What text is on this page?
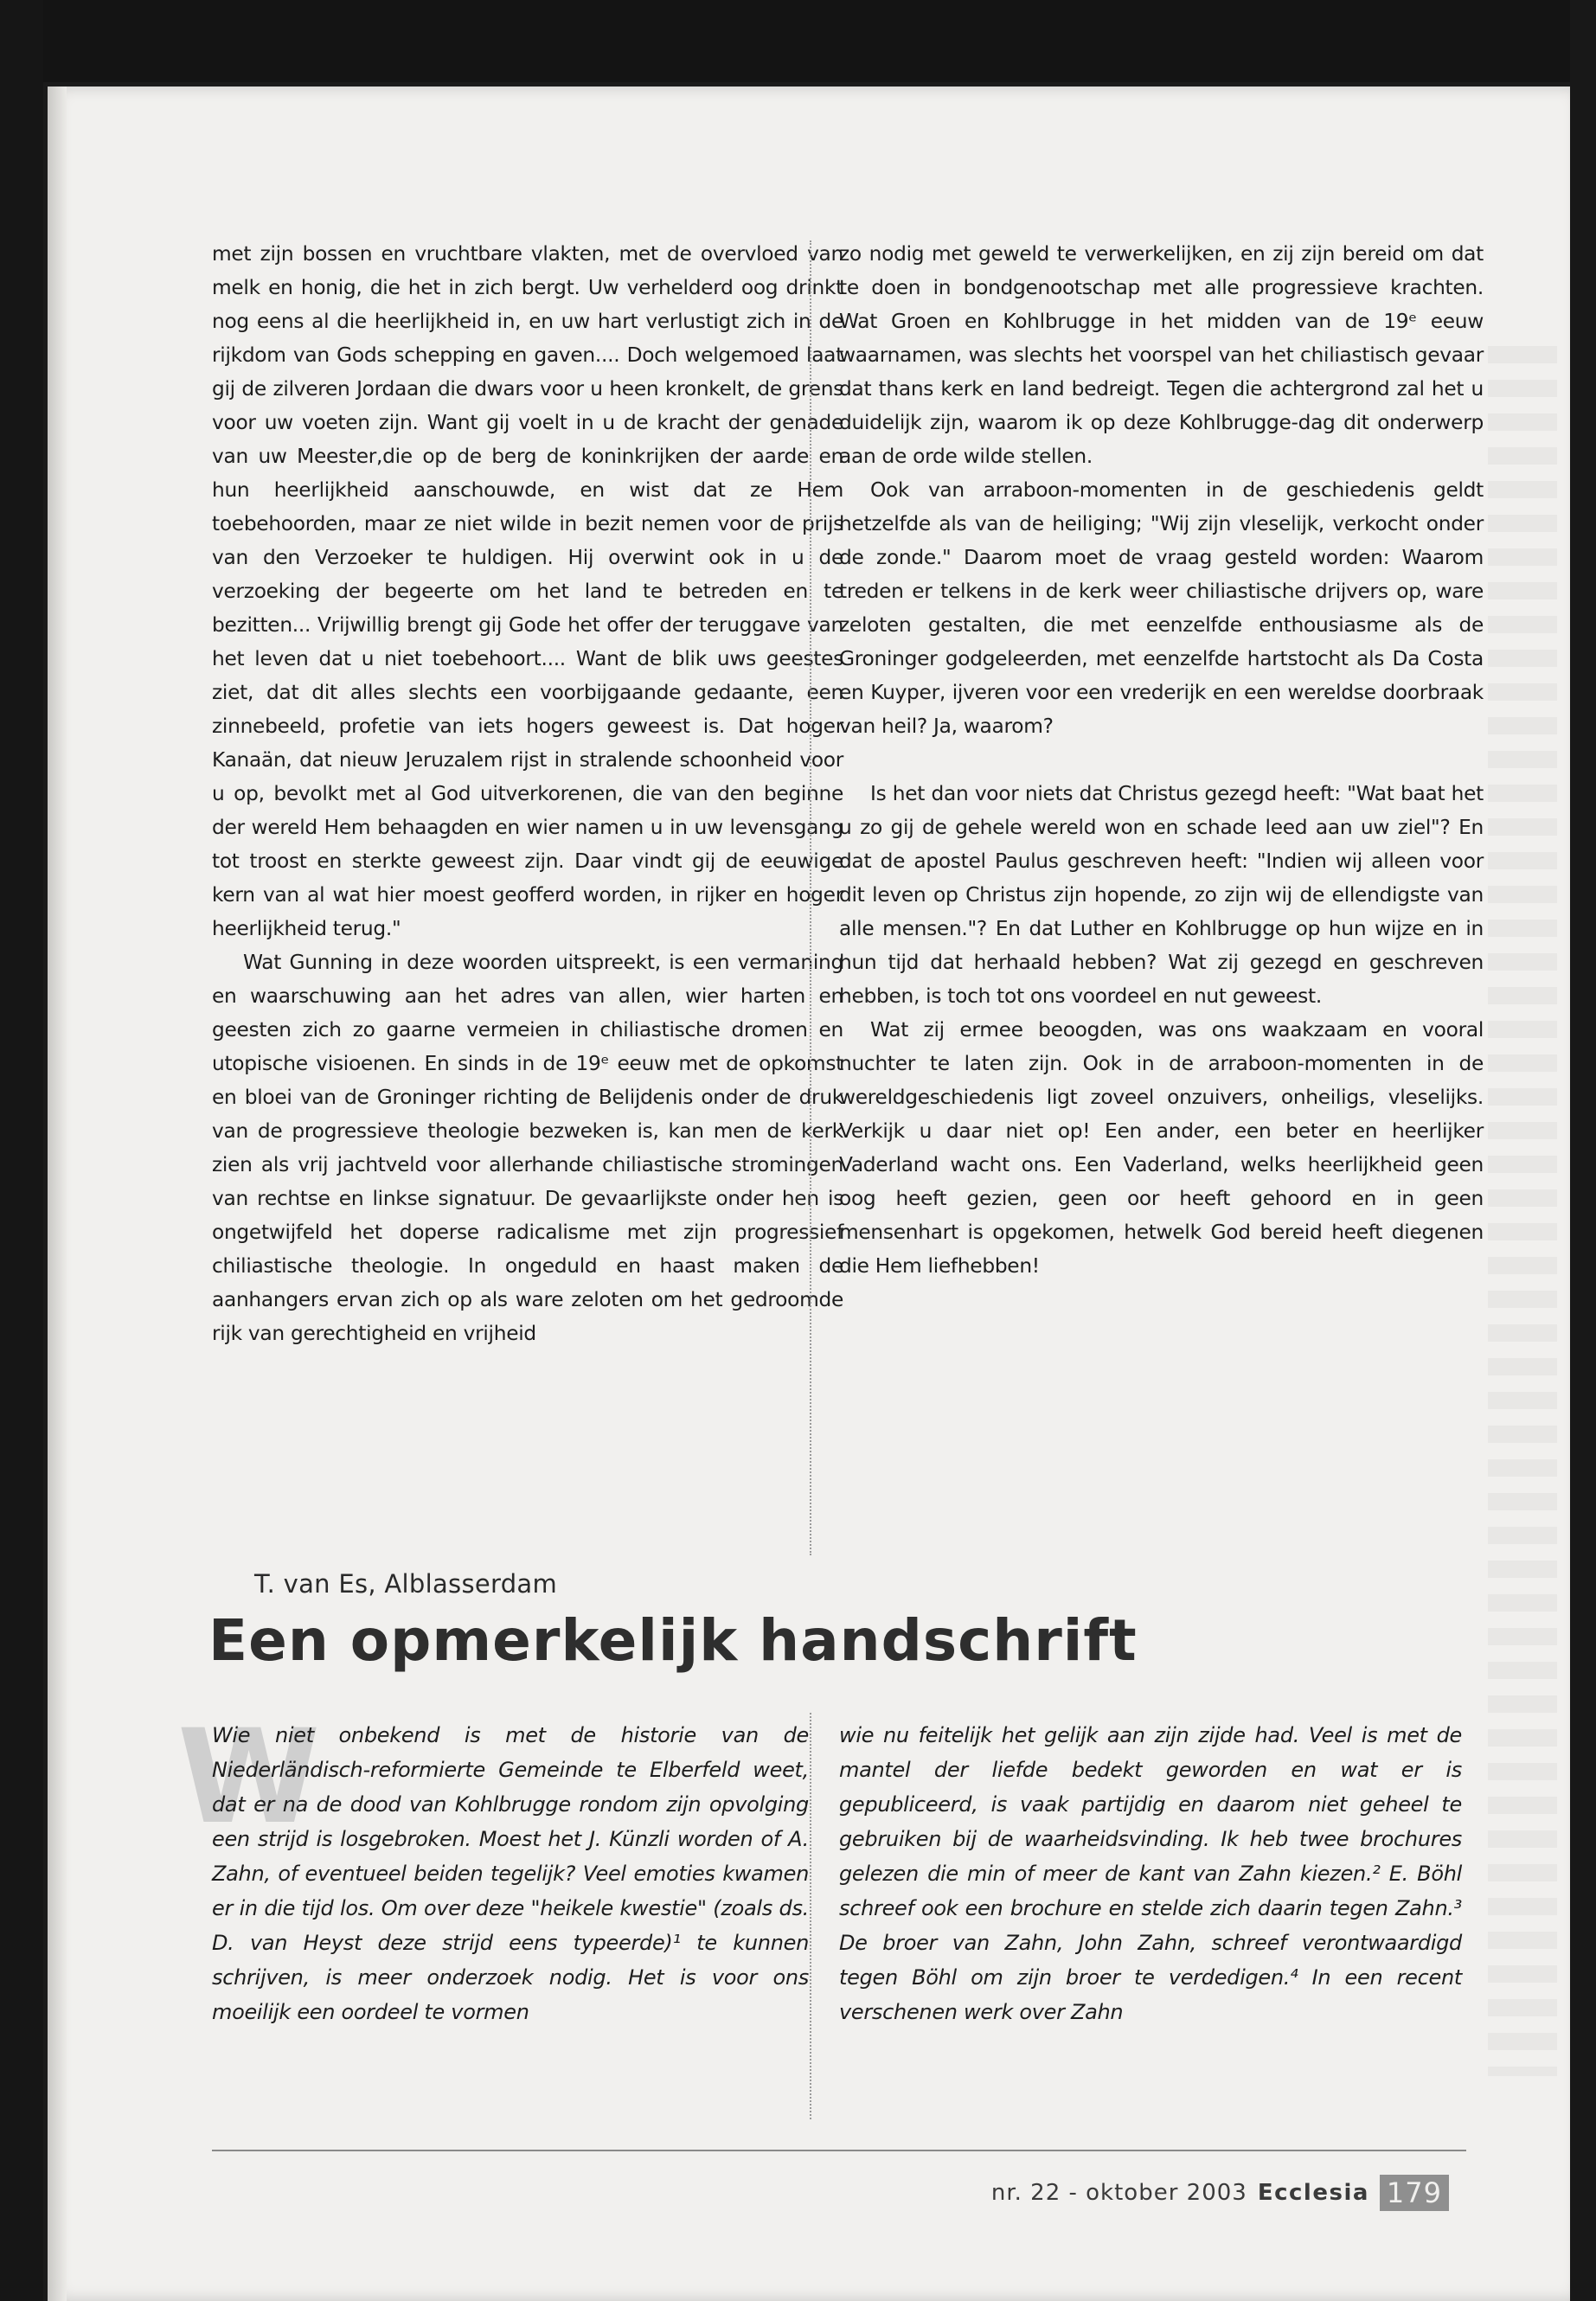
met zijn bossen en vruchtbare vlakten, met de overvloed van melk en honig, die het in zich bergt. Uw verhelderd oog drinkt nog eens al die heerlijkheid in, en uw hart verlustigt zich in de rijkdom van Gods schepping en gaven.... Doch welgemoed laat gij de zilveren Jordaan die dwars voor u heen kronkelt, de grens voor uw voeten zijn. Want gij voelt in u de kracht der genade van uw Meester,die op de berg de koninkrijken der aarde en hun heerlijkheid aanschouwde, en wist dat ze Hem toebehoorden, maar ze niet wilde in bezit nemen voor de prijs van den Verzoeker te huldigen. Hij overwint ook in u de verzoeking der begeerte om het land te betreden en te bezitten... Vrijwillig brengt gij Gode het offer der teruggave van het leven dat u niet toebehoort.... Want de blik uws geestes ziet, dat dit alles slechts een voorbijgaande gedaante, een zinnebeeld, profetie van iets hogers geweest is. Dat hoger Kanaän, dat nieuw Jeruzalem rijst in stralende schoonheid voor u op, bevolkt met al God uitverkorenen, die van den beginne der wereld Hem behaagden en wier namen u in uw levensgang tot troost en sterkte geweest zijn. Daar vindt gij de eeuwige kern van al wat hier moest geofferd worden, in rijker en hoger heerlijkheid terug."

Wat Gunning in deze woorden uitspreekt, is een vermaning en waarschuwing aan het adres van allen, wier harten en geesten zich zo gaarne vermeien in chiliastische dromen en utopische visioenen. En sinds in de 19ᵉ eeuw met de opkomst en bloei van de Groninger richting de Belijdenis onder de druk van de progressieve theologie bezweken is, kan men de kerk zien als vrij jachtveld voor allerhande chiliastische stromingen van rechtse en linkse signatuur. De gevaarlijkste onder hen is ongetwijfeld het doperse radicalisme met zijn progressief chiliastische theologie. In ongeduld en haast maken de aanhangers ervan zich op als ware zeloten om het gedroomde rijk van gerechtigheid en vrijheid

zo nodig met geweld te verwerkelijken, en zij zijn bereid om dat te doen in bondgenootschap met alle progressieve krachten. Wat Groen en Kohlbrugge in het midden van de 19ᵉ eeuw waarnamen, was slechts het voorspel van het chiliastisch gevaar dat thans kerk en land bedreigt. Tegen die achtergrond zal het u duidelijk zijn, waarom ik op deze Kohlbrugge-dag dit onderwerp aan de orde wilde stellen.

Ook van arraboon-momenten in de geschiedenis geldt hetzelfde als van de heiliging; "Wij zijn vleselijk, verkocht onder de zonde." Daarom moet de vraag gesteld worden: Waarom treden er telkens in de kerk weer chiliastische drijvers op, ware zeloten gestalten, die met eenzelfde enthousiasme als de Groninger godgeleerden, met eenzelfde hartstocht als Da Costa en Kuyper, ijveren voor een vrederijk en een wereldse doorbraak van heil? Ja, waarom?

Is het dan voor niets dat Christus gezegd heeft: "Wat baat het u zo gij de gehele wereld won en schade leed aan uw ziel"? En dat de apostel Paulus geschreven heeft: "Indien wij alleen voor dit leven op Christus zijn hopende, zo zijn wij de ellendigste van alle mensen."? En dat Luther en Kohlbrugge op hun wijze en in hun tijd dat herhaald hebben? Wat zij gezegd en geschreven hebben, is toch tot ons voordeel en nut geweest.

Wat zij ermee beoogden, was ons waakzaam en vooral nuchter te laten zijn. Ook in de arraboon-momenten in de wereldgeschiedenis ligt zoveel onzuivers, onheiligs, vleselijks. Verkijk u daar niet op! Een ander, een beter en heerlijker Vaderland wacht ons. Een Vaderland, welks heerlijkheid geen oog heeft gezien, geen oor heeft gehoord en in geen mensenhart is opgekomen, hetwelk God bereid heeft diegenen die Hem liefhebben!

T. van Es, Alblasserdam
Een opmerkelijk handschrift
W

Wie niet onbekend is met de historie van de Niederländisch-reformierte Gemeinde te Elberfeld weet, dat er na de dood van Kohlbrugge rondom zijn opvolging een strijd is losgebroken. Moest het J. Künzli worden of A. Zahn, of eventueel beiden tegelijk? Veel emoties kwamen er in die tijd los. Om over deze "heikele kwestie" (zoals ds. D. van Heyst deze strijd eens typeerde)¹ te kunnen schrijven, is meer onderzoek nodig. Het is voor ons moeilijk een oordeel te vormen

wie nu feitelijk het gelijk aan zijn zijde had. Veel is met de mantel der liefde bedekt geworden en wat er is gepubliceerd, is vaak partijdig en daarom niet geheel te gebruiken bij de waarheidsvinding. Ik heb twee brochures gelezen die min of meer de kant van Zahn kiezen.² E. Böhl schreef ook een brochure en stelde zich daarin tegen Zahn.³ De broer van Zahn, John Zahn, schreef verontwaardigd tegen Böhl om zijn broer te verdedigen.⁴ In een recent verschenen werk over Zahn

nr. 22 - oktober 2003 Ecclesia 179
